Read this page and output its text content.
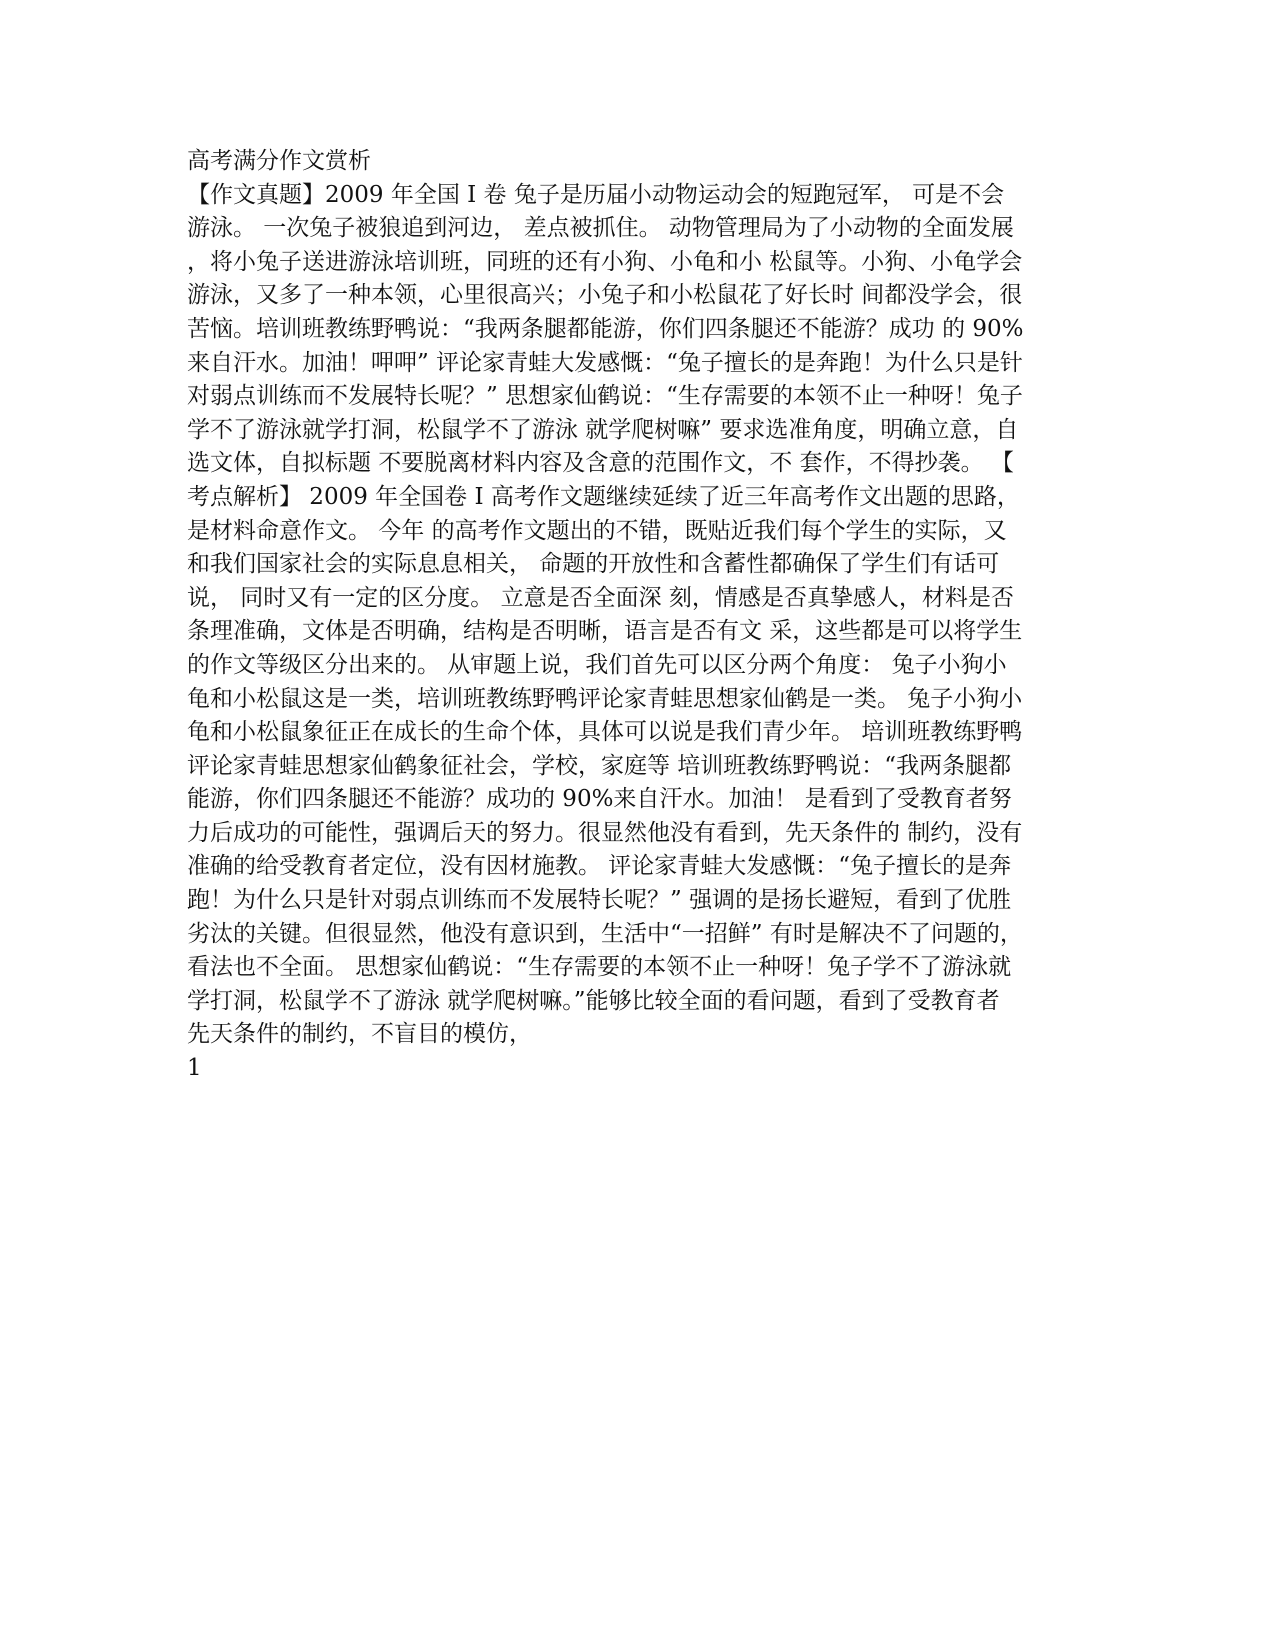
高考满分作文赏析
【作文真题】2009 年全国 I 卷 兔子是历届小动物运动会的短跑冠军， 可是不会
游泳。 一次兔子被狼追到河边， 差点被抓住。 动物管理局为了小动物的全面发展
，将小兔子送进游泳培训班，同班的还有小狗、小龟和小 松鼠等。小狗、小龟学会
游泳，又多了一种本领，心里很高兴；小兔子和小松鼠花了好长时 间都没学会，很
苦恼。培训班教练野鸭说：“我两条腿都能游，你们四条腿还不能游？成功 的 90%
来自汗水。加油！呷呷” 评论家青蛙大发感慨：“兔子擅长的是奔跑！为什么只是针
对弱点训练而不发展特长呢？” 思想家仙鹤说：“生存需要的本领不止一种呀！兔子
学不了游泳就学打洞，松鼠学不了游泳 就学爬树嘛” 要求选准角度，明确立意，自
选文体，自拟标题 不要脱离材料内容及含意的范围作文，不 套作，不得抄袭。 【
考点解析】 2009 年全国卷 I 高考作文题继续延续了近三年高考作文出题的思路，
是材料命意作文。 今年 的高考作文题出的不错，既贴近我们每个学生的实际，又
和我们国家社会的实际息息相关， 命题的开放性和含蓄性都确保了学生们有话可
说， 同时又有一定的区分度。 立意是否全面深 刻，情感是否真挚感人，材料是否
条理准确，文体是否明确，结构是否明晰，语言是否有文 采，这些都是可以将学生
的作文等级区分出来的。 从审题上说，我们首先可以区分两个角度： 兔子小狗小
龟和小松鼠这是一类，培训班教练野鸭评论家青蛙思想家仙鹤是一类。 兔子小狗小
龟和小松鼠象征正在成长的生命个体，具体可以说是我们青少年。 培训班教练野鸭
评论家青蛙思想家仙鹤象征社会，学校，家庭等 培训班教练野鸭说：“我两条腿都
能游，你们四条腿还不能游？成功的 90%来自汗水。加油！ 是看到了受教育者努
力后成功的可能性，强调后天的努力。很显然他没有看到，先天条件的 制约，没有
准确的给受教育者定位，没有因材施教。 评论家青蛙大发感慨：“兔子擅长的是奔
跑！为什么只是针对弱点训练而不发展特长呢？” 强调的是扬长避短，看到了优胜
劣汰的关键。但很显然，他没有意识到，生活中“一招鲜” 有时是解决不了问题的，
看法也不全面。 思想家仙鹤说：“生存需要的本领不止一种呀！兔子学不了游泳就
学打洞，松鼠学不了游泳 就学爬树嘛。”能够比较全面的看问题，看到了受教育者
先天条件的制约，不盲目的模仿，
1
